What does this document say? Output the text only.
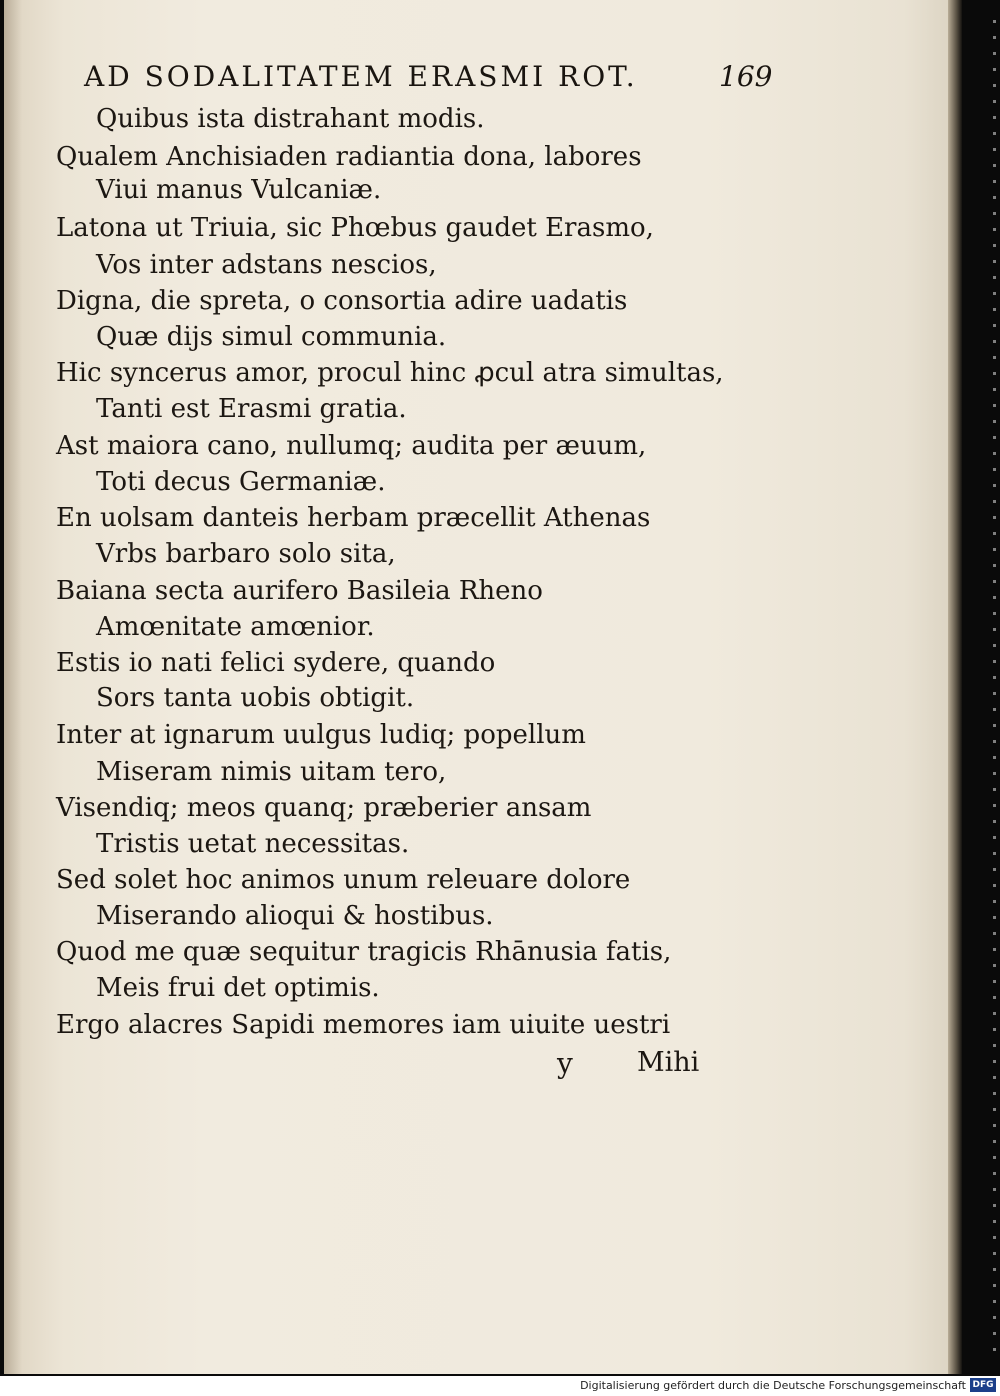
AD SODALITATEM ERASMI ROT.	169
Quibus ista distrahant modis.
Qualem Anchisiaden radiantia dona, labores
Viui manus Vulcaniæ.
Latona ut Triuia, sic Phœbus gaudet Erasmo,
Vos inter adstans nescios,
Digna, die spreta, o consortia adire uadatis
Quæ dijs simul communia.
Hic syncerus amor, procul hinc ꝓcul atra simultas,
Tanti est Erasmi gratia.
Ast maiora cano, nullumq; audita per æuum,
Toti decus Germaniæ.
En uolsam danteis herbam præcellit Athenas
Vrbs barbaro solo sita,
Baiana secta aurifero Basileia Rheno
Amœnitate amœnior.
Estis io nati felici sydere, quando
Sors tanta uobis obtigit.
Inter at ignarum uulgus ludiq; popellum
Miseram nimis uitam tero,
Visendiq; meos quanq; præberier ansam
Tristis uetat necessitas.
Sed solet hoc animos unum releuare dolore
Miserando alioqui & hostibus.
Quod me quæ sequitur tragicis Rhānusia fatis,
Meis frui det optimis.
Ergo alacres Sapidi memores iam uiuite uestri
y Mihi
Digitalisierung gefördert durch die Deutsche Forschungsgemeinschaft DFG
